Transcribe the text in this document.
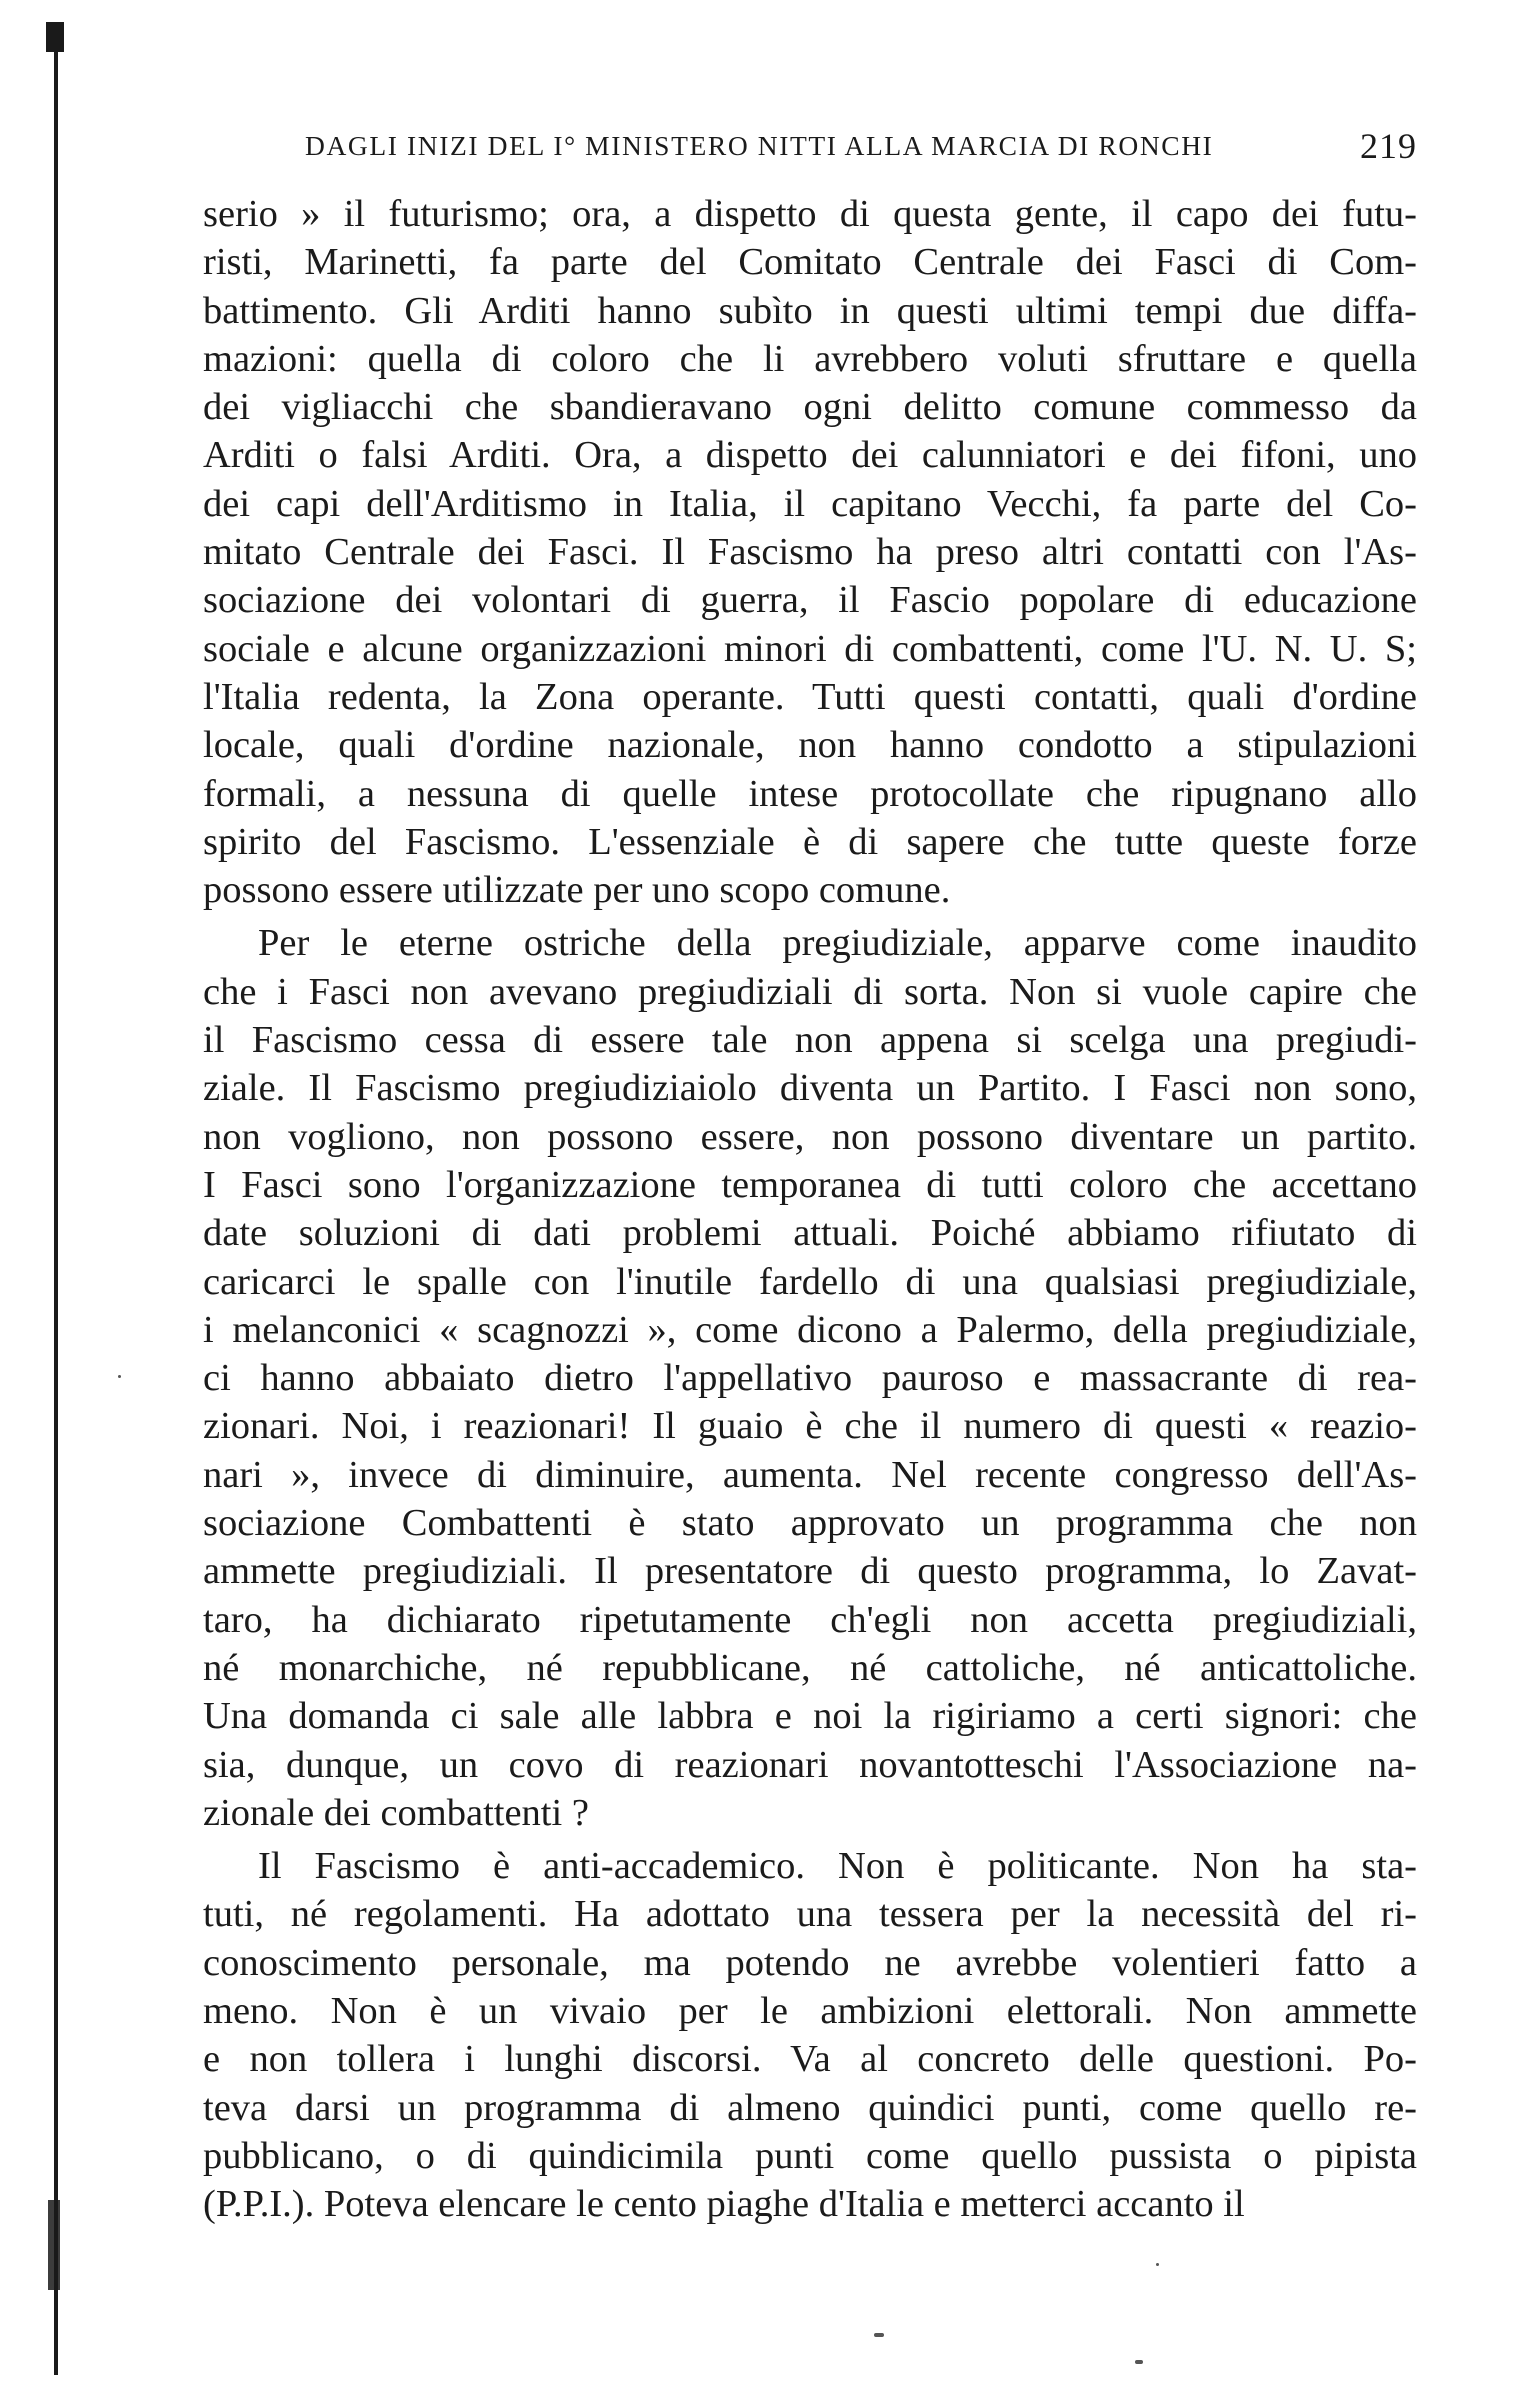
DAGLI INIZI DEL I° MINISTERO NITTI ALLA MARCIA DI RONCHI	219
serio » il futurismo; ora, a dispetto di questa gente, il capo dei futu-
risti, Marinetti, fa parte del Comitato Centrale dei Fasci di Com-
battimento. Gli Arditi hanno subìto in questi ultimi tempi due diffa-
mazioni: quella di coloro che li avrebbero voluti sfruttare e quella
dei vigliacchi che sbandieravano ogni delitto comune commesso da
Arditi o falsi Arditi. Ora, a dispetto dei calunniatori e dei fifoni, uno
dei capi dell'Arditismo in Italia, il capitano Vecchi, fa parte del Co-
mitato Centrale dei Fasci. Il Fascismo ha preso altri contatti con l'As-
sociazione dei volontari di guerra, il Fascio popolare di educazione
sociale e alcune organizzazioni minori di combattenti, come l'U. N. U. S;
l'Italia redenta, la Zona operante. Tutti questi contatti, quali d'ordine
locale, quali d'ordine nazionale, non hanno condotto a stipulazioni
formali, a nessuna di quelle intese protocollate che ripugnano allo
spirito del Fascismo. L'essenziale è di sapere che tutte queste forze
possono essere utilizzate per uno scopo comune.
Per le eterne ostriche della pregiudiziale, apparve come inaudito
che i Fasci non avevano pregiudiziali di sorta. Non si vuole capire che
il Fascismo cessa di essere tale non appena si scelga una pregiudi-
ziale. Il Fascismo pregiudiziaiolo diventa un Partito. I Fasci non sono,
non vogliono, non possono essere, non possono diventare un partito.
I Fasci sono l'organizzazione temporanea di tutti coloro che accettano
date soluzioni di dati problemi attuali. Poiché abbiamo rifiutato di
caricarci le spalle con l'inutile fardello di una qualsiasi pregiudiziale,
i melanconici « scagnozzi », come dicono a Palermo, della pregiudiziale,
ci hanno abbaiato dietro l'appellativo pauroso e massacrante di rea-
zionari. Noi, i reazionari! Il guaio è che il numero di questi « reazio-
nari », invece di diminuire, aumenta. Nel recente congresso dell'As-
sociazione Combattenti è stato approvato un programma che non
ammette pregiudiziali. Il presentatore di questo programma, lo Zavat-
taro, ha dichiarato ripetutamente ch'egli non accetta pregiudiziali,
né monarchiche, né repubblicane, né cattoliche, né anticattoliche.
Una domanda ci sale alle labbra e noi la rigiriamo a certi signori: che
sia, dunque, un covo di reazionari novantotteschi l'Associazione na-
zionale dei combattenti ?
Il Fascismo è anti-accademico. Non è politicante. Non ha sta-
tuti, né regolamenti. Ha adottato una tessera per la necessità del ri-
conoscimento personale, ma potendo ne avrebbe volentieri fatto a
meno. Non è un vivaio per le ambizioni elettorali. Non ammette
e non tollera i lunghi discorsi. Va al concreto delle questioni. Po-
teva darsi un programma di almeno quindici punti, come quello re-
pubblicano, o di quindicimila punti come quello pussista o pipista
(P.P.I.). Poteva elencare le cento piaghe d'Italia e metterci accanto il
